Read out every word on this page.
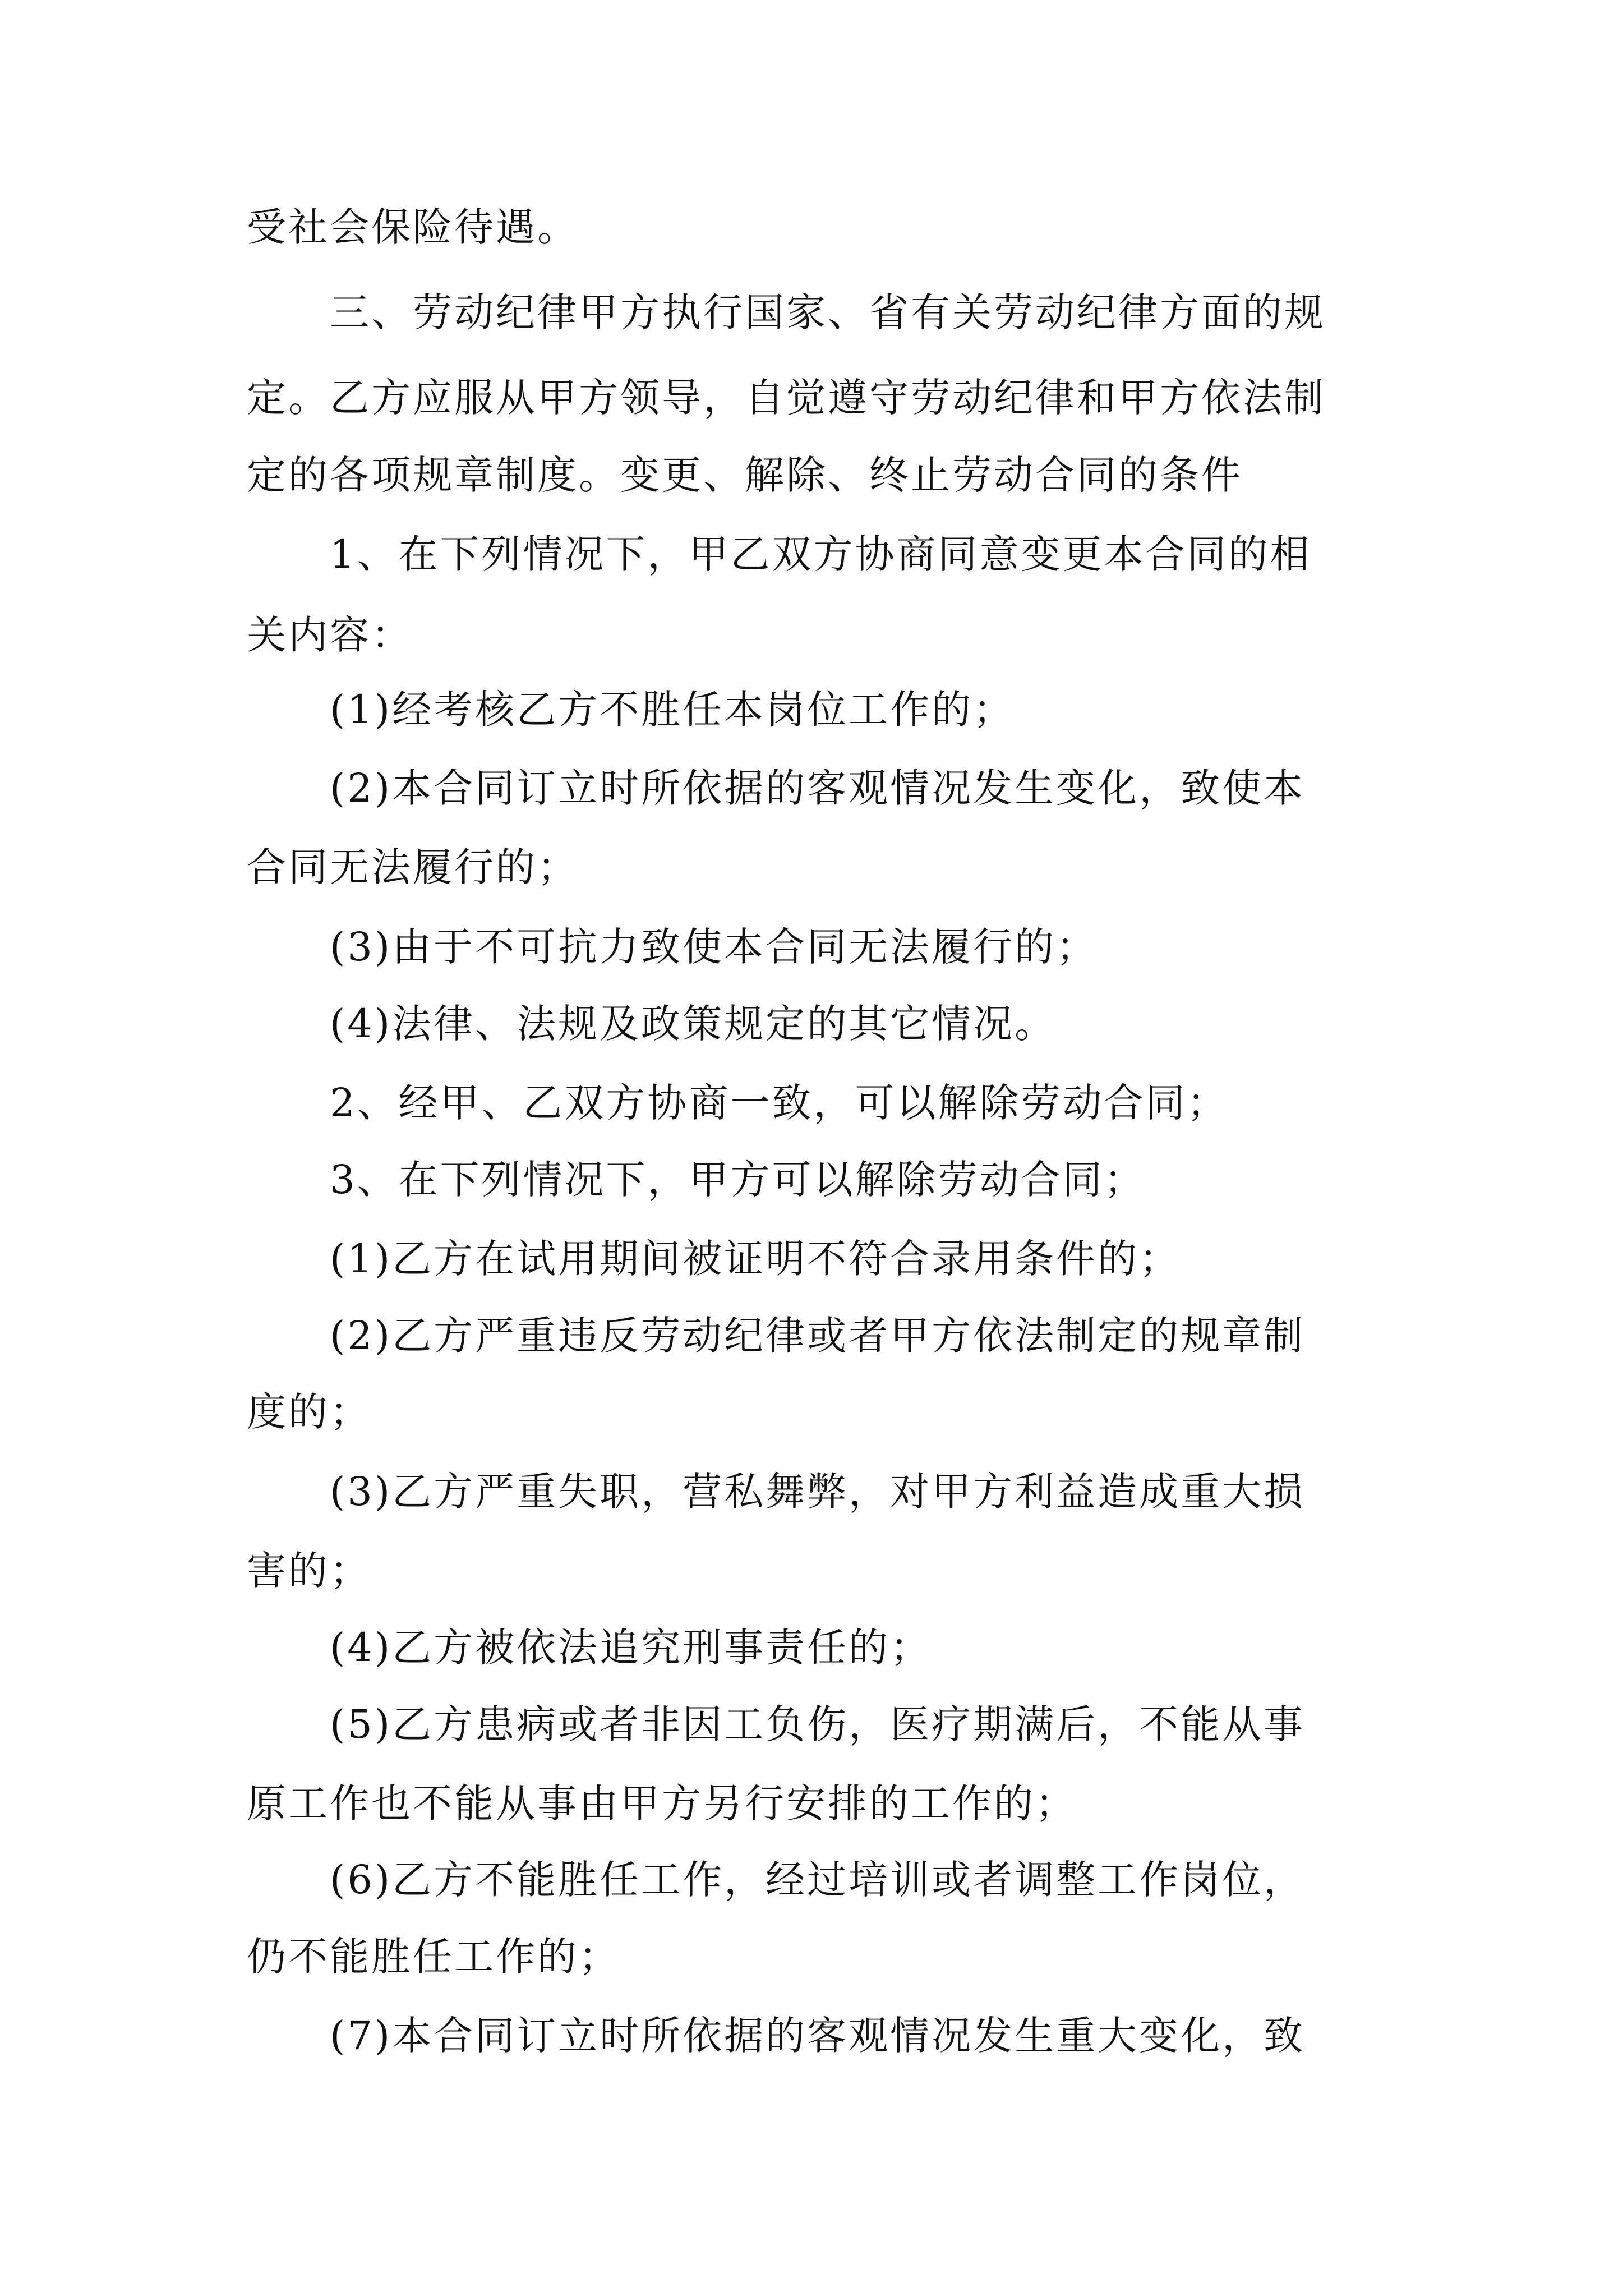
受社会保险待遇。
三、劳动纪律甲方执行国家、省有关劳动纪律方面的规
定。乙方应服从甲方领导，自觉遵守劳动纪律和甲方依法制
定的各项规章制度。变更、解除、终止劳动合同的条件
1、在下列情况下，甲乙双方协商同意变更本合同的相
关内容：
(1)经考核乙方不胜任本岗位工作的；
(2)本合同订立时所依据的客观情况发生变化，致使本
合同无法履行的；
(3)由于不可抗力致使本合同无法履行的；
(4)法律、法规及政策规定的其它情况。
2、经甲、乙双方协商一致，可以解除劳动合同；
3、在下列情况下，甲方可以解除劳动合同；
(1)乙方在试用期间被证明不符合录用条件的；
(2)乙方严重违反劳动纪律或者甲方依法制定的规章制
度的；
(3)乙方严重失职，营私舞弊，对甲方利益造成重大损
害的；
(4)乙方被依法追究刑事责任的；
(5)乙方患病或者非因工负伤，医疗期满后，不能从事
原工作也不能从事由甲方另行安排的工作的；
(6)乙方不能胜任工作，经过培训或者调整工作岗位，
仍不能胜任工作的；
(7)本合同订立时所依据的客观情况发生重大变化，致
